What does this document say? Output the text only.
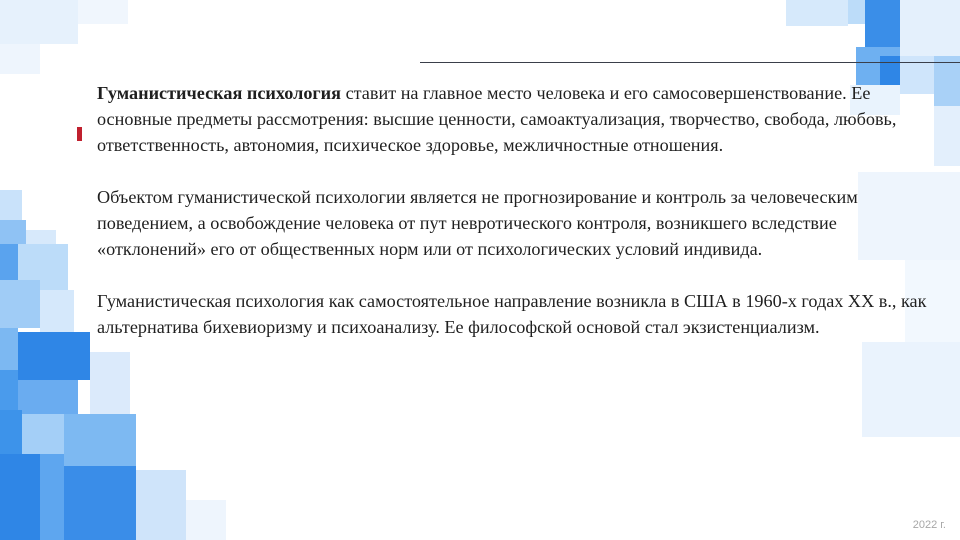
Гуманистическая психология ставит на главное место человека и его самосовершенствование. Ее основные предметы рассмотрения: высшие ценности, самоактуализация, творчество, свобода, любовь, ответственность, автономия, психическое здоровье, межличностные отношения.

Объектом гуманистической психологии является не прогнозирование и контроль за человеческим поведением, а освобождение человека от пут невротического контроля, возникшего вследствие «отклонений» его от общественных норм или от психологических условий индивида.

Гуманистическая психология как самостоятельное направление возникла в США в 1960-х годах XX в., как альтернатива бихевиоризму и психоанализу. Ее философской основой стал экзистенциализм.

2022 г.
